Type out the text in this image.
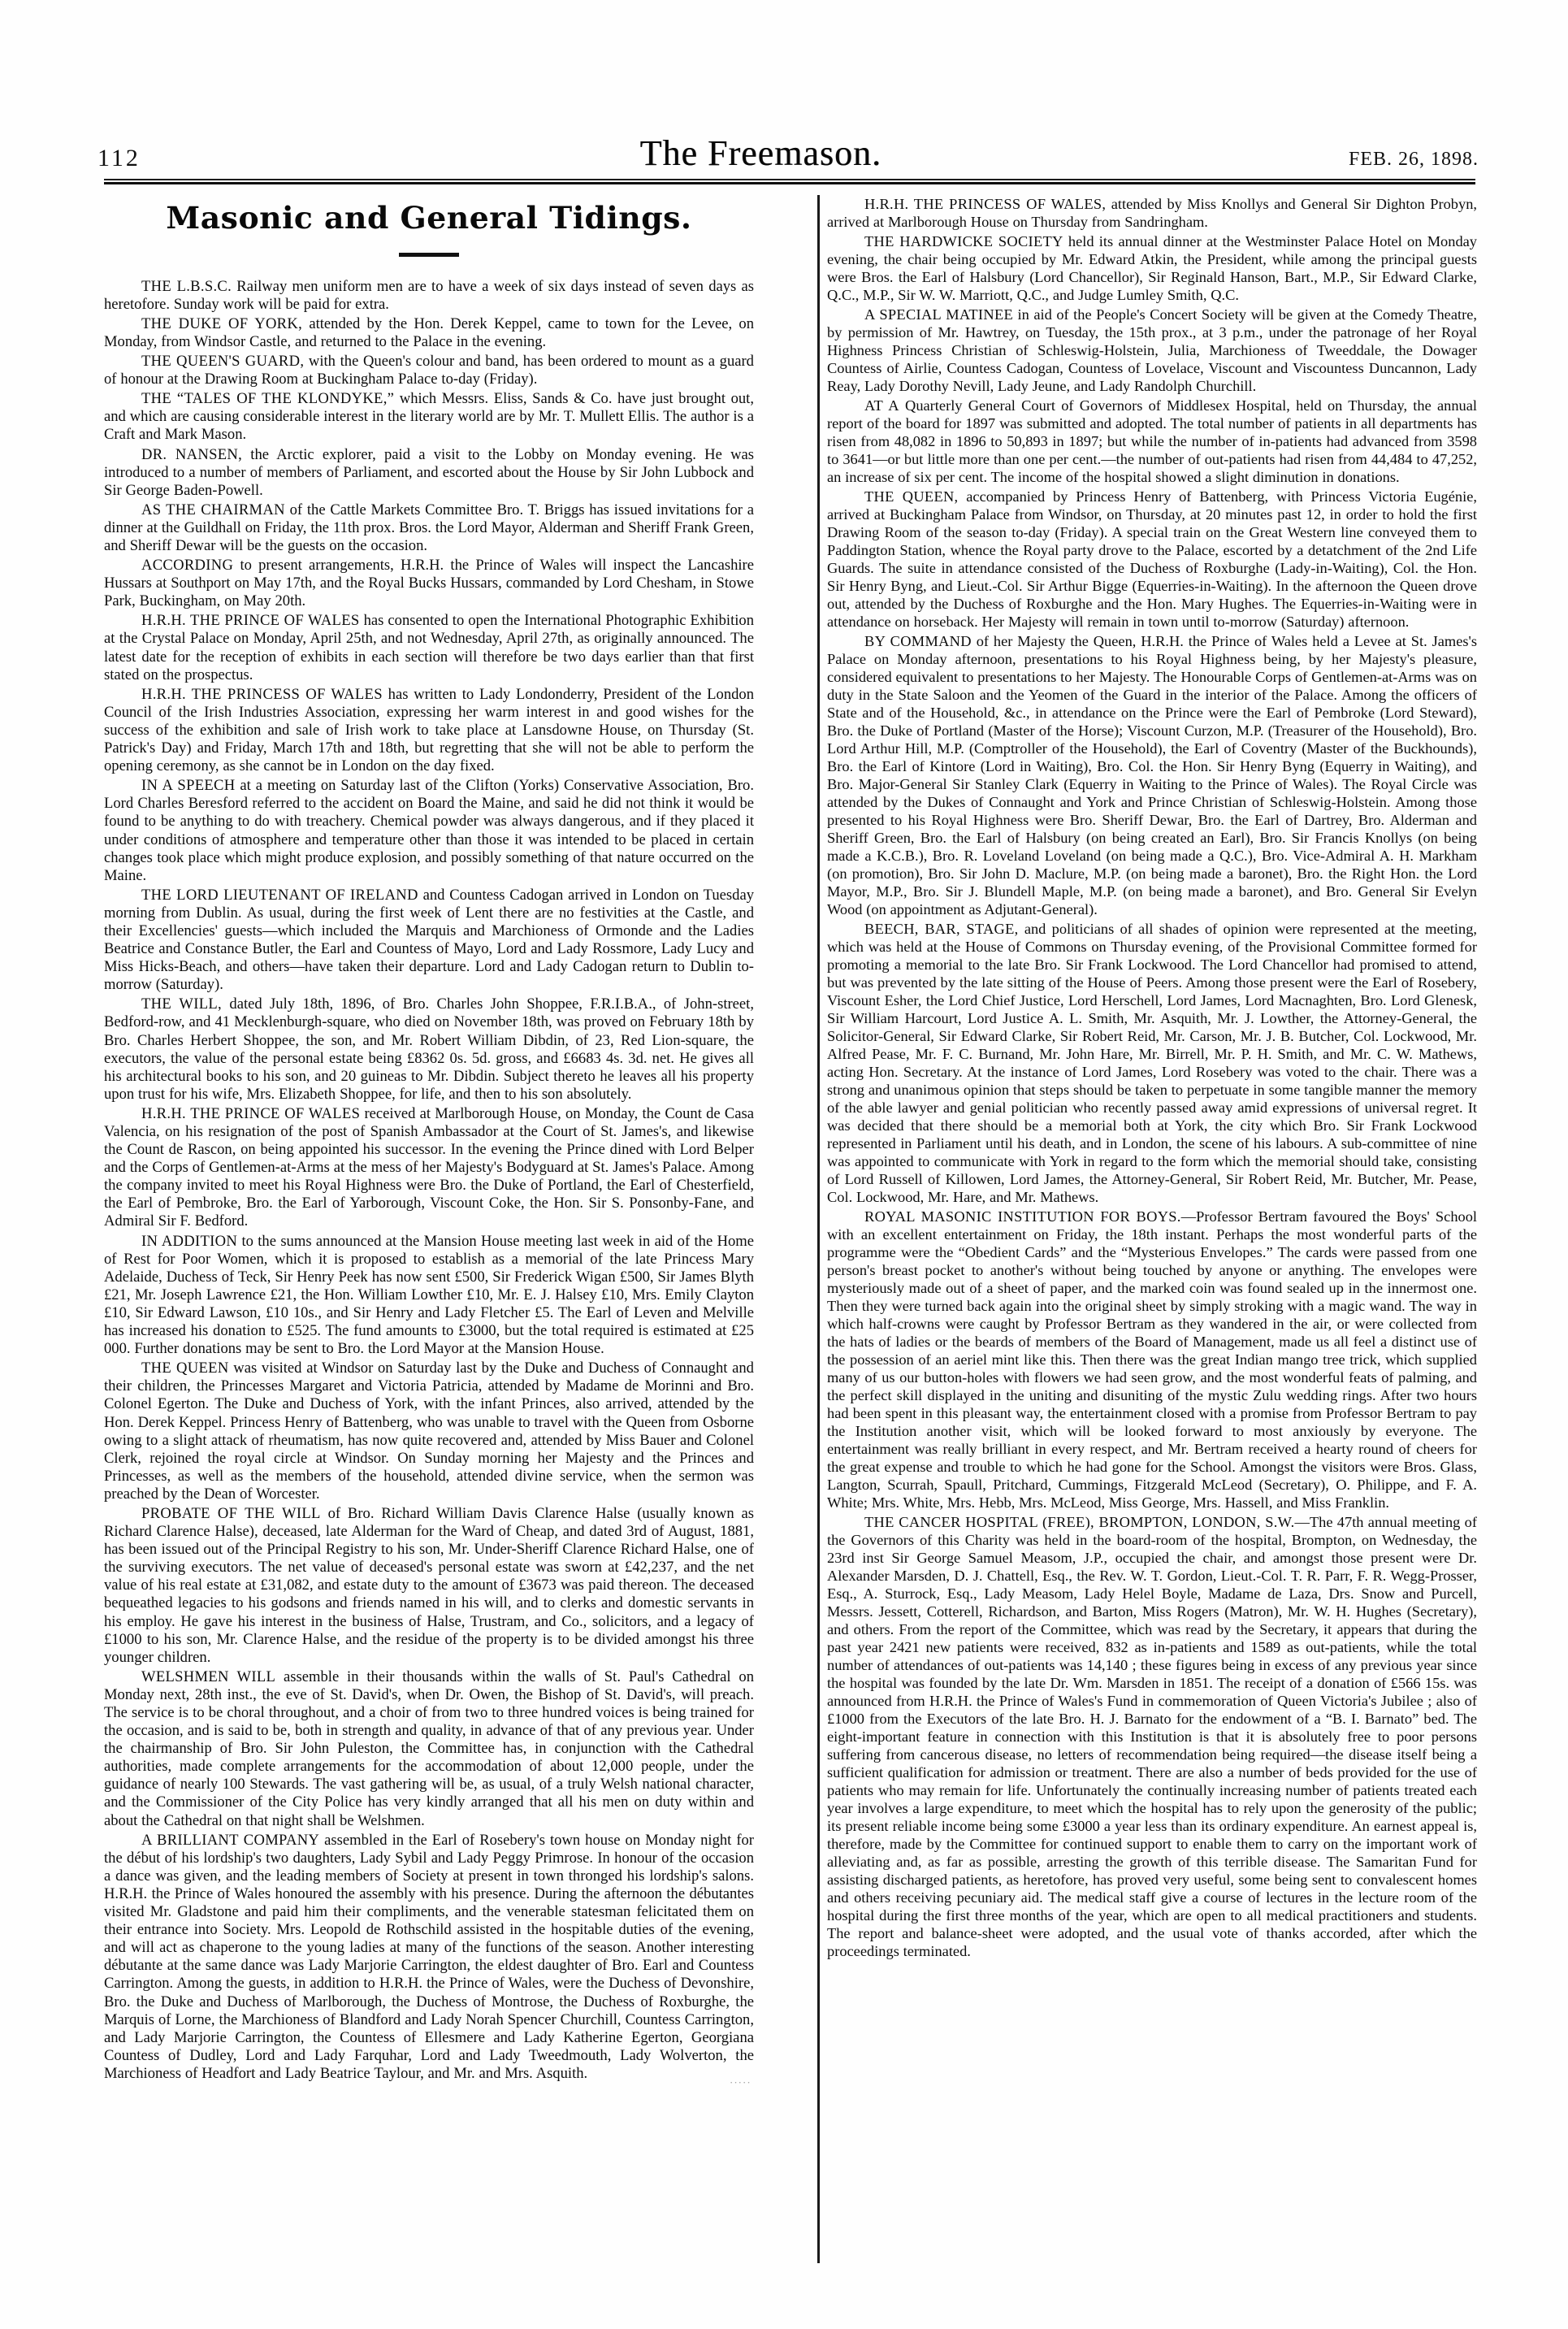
112	The Freemason.	FEB. 26, 1898.
Masonic and General Tidings.

THE L.B.S.C. Railway men uniform men are to have a week of six days instead of seven days as heretofore. Sunday work will be paid for extra.

THE DUKE OF YORK, attended by the Hon. Derek Keppel, came to town for the Levee, on Monday, from Windsor Castle, and returned to the Palace in the evening.

THE QUEEN'S GUARD, with the Queen's colour and band, has been ordered to mount as a guard of honour at the Drawing Room at Buckingham Palace to-day (Friday).

THE “TALES OF THE KLONDYKE,” which Messrs. Eliss, Sands & Co. have just brought out, and which are causing considerable interest in the literary world are by Mr. T. Mullett Ellis. The author is a Craft and Mark Mason.

DR. NANSEN, the Arctic explorer, paid a visit to the Lobby on Monday evening. He was introduced to a number of members of Parliament, and escorted about the House by Sir John Lubbock and Sir George Baden-Powell.

AS THE CHAIRMAN of the Cattle Markets Committee Bro. T. Briggs has issued invitations for a dinner at the Guildhall on Friday, the 11th prox. Bros. the Lord Mayor, Alderman and Sheriff Frank Green, and Sheriff Dewar will be the guests on the occasion.

ACCORDING to present arrangements, H.R.H. the Prince of Wales will inspect the Lancashire Hussars at Southport on May 17th, and the Royal Bucks Hussars, commanded by Lord Chesham, in Stowe Park, Buckingham, on May 20th.

H.R.H. THE PRINCE OF WALES has consented to open the International Photographic Exhibition at the Crystal Palace on Monday, April 25th, and not Wednesday, April 27th, as originally announced. The latest date for the reception of exhibits in each section will therefore be two days earlier than that first stated on the prospectus.

H.R.H. THE PRINCESS OF WALES has written to Lady Londonderry, President of the London Council of the Irish Industries Association, expressing her warm interest in and good wishes for the success of the exhibition and sale of Irish work to take place at Lansdowne House, on Thursday (St. Patrick's Day) and Friday, March 17th and 18th, but regretting that she will not be able to perform the opening ceremony, as she cannot be in London on the day fixed.

IN A SPEECH at a meeting on Saturday last of the Clifton (Yorks) Conservative Association, Bro. Lord Charles Beresford referred to the accident on Board the Maine, and said he did not think it would be found to be anything to do with treachery. Chemical powder was always dangerous, and if they placed it under conditions of atmosphere and temperature other than those it was intended to be placed in certain changes took place which might produce explosion, and possibly something of that nature occurred on the Maine.

THE LORD LIEUTENANT OF IRELAND and Countess Cadogan arrived in London on Tuesday morning from Dublin. As usual, during the first week of Lent there are no festivities at the Castle, and their Excellencies' guests—which included the Marquis and Marchioness of Ormonde and the Ladies Beatrice and Constance Butler, the Earl and Countess of Mayo, Lord and Lady Rossmore, Lady Lucy and Miss Hicks-Beach, and others—have taken their departure. Lord and Lady Cadogan return to Dublin to-morrow (Saturday).

THE WILL, dated July 18th, 1896, of Bro. Charles John Shoppee, F.R.I.B.A., of John-street, Bedford-row, and 41 Mecklenburgh-square, who died on November 18th, was proved on February 18th by Bro. Charles Herbert Shoppee, the son, and Mr. Robert William Dibdin, of 23, Red Lion-square, the executors, the value of the personal estate being £8362 0s. 5d. gross, and £6683 4s. 3d. net. He gives all his architectural books to his son, and 20 guineas to Mr. Dibdin. Subject thereto he leaves all his property upon trust for his wife, Mrs. Elizabeth Shoppee, for life, and then to his son absolutely.

H.R.H. THE PRINCE OF WALES received at Marlborough House, on Monday, the Count de Casa Valencia, on his resignation of the post of Spanish Ambassador at the Court of St. James's, and likewise the Count de Rascon, on being appointed his successor. In the evening the Prince dined with Lord Belper and the Corps of Gentlemen-at-Arms at the mess of her Majesty's Bodyguard at St. James's Palace. Among the company invited to meet his Royal Highness were Bro. the Duke of Portland, the Earl of Chesterfield, the Earl of Pembroke, Bro. the Earl of Yarborough, Viscount Coke, the Hon. Sir S. Ponsonby-Fane, and Admiral Sir F. Bedford.

IN ADDITION to the sums announced at the Mansion House meeting last week in aid of the Home of Rest for Poor Women, which it is proposed to establish as a memorial of the late Princess Mary Adelaide, Duchess of Teck, Sir Henry Peek has now sent £500, Sir Frederick Wigan £500, Sir James Blyth £21, Mr. Joseph Lawrence £21, the Hon. William Lowther £10, Mr. E. J. Halsey £10, Mrs. Emily Clayton £10, Sir Edward Lawson, £10 10s., and Sir Henry and Lady Fletcher £5. The Earl of Leven and Melville has increased his donation to £525. The fund amounts to £3000, but the total required is estimated at £25 000. Further donations may be sent to Bro. the Lord Mayor at the Mansion House.

THE QUEEN was visited at Windsor on Saturday last by the Duke and Duchess of Connaught and their children, the Princesses Margaret and Victoria Patricia, attended by Madame de Morinni and Bro. Colonel Egerton. The Duke and Duchess of York, with the infant Princes, also arrived, attended by the Hon. Derek Keppel. Princess Henry of Battenberg, who was unable to travel with the Queen from Osborne owing to a slight attack of rheumatism, has now quite recovered and, attended by Miss Bauer and Colonel Clerk, rejoined the royal circle at Windsor. On Sunday morning her Majesty and the Princes and Princesses, as well as the members of the household, attended divine service, when the sermon was preached by the Dean of Worcester.

PROBATE OF THE WILL of Bro. Richard William Davis Clarence Halse (usually known as Richard Clarence Halse), deceased, late Alderman for the Ward of Cheap, and dated 3rd of August, 1881, has been issued out of the Principal Registry to his son, Mr. Under-Sheriff Clarence Richard Halse, one of the surviving executors. The net value of deceased's personal estate was sworn at £42,237, and the net value of his real estate at £31,082, and estate duty to the amount of £3673 was paid thereon. The deceased bequeathed legacies to his godsons and friends named in his will, and to clerks and domestic servants in his employ. He gave his interest in the business of Halse, Trustram, and Co., solicitors, and a legacy of £1000 to his son, Mr. Clarence Halse, and the residue of the property is to be divided amongst his three younger children.

WELSHMEN WILL assemble in their thousands within the walls of St. Paul's Cathedral on Monday next, 28th inst., the eve of St. David's, when Dr. Owen, the Bishop of St. David's, will preach. The service is to be choral throughout, and a choir of from two to three hundred voices is being trained for the occasion, and is said to be, both in strength and quality, in advance of that of any previous year. Under the chairmanship of Bro. Sir John Puleston, the Committee has, in conjunction with the Cathedral authorities, made complete arrangements for the accommodation of about 12,000 people, under the guidance of nearly 100 Stewards. The vast gathering will be, as usual, of a truly Welsh national character, and the Commissioner of the City Police has very kindly arranged that all his men on duty within and about the Cathedral on that night shall be Welshmen.

A BRILLIANT COMPANY assembled in the Earl of Rosebery's town house on Monday night for the début of his lordship's two daughters, Lady Sybil and Lady Peggy Primrose. In honour of the occasion a dance was given, and the leading members of Society at present in town thronged his lordship's salons. H.R.H. the Prince of Wales honoured the assembly with his presence. During the afternoon the débutantes visited Mr. Gladstone and paid him their compliments, and the venerable statesman felicitated them on their entrance into Society. Mrs. Leopold de Rothschild assisted in the hospitable duties of the evening, and will act as chaperone to the young ladies at many of the functions of the season. Another interesting débutante at the same dance was Lady Marjorie Carrington, the eldest daughter of Bro. Earl and Countess Carrington. Among the guests, in addition to H.R.H. the Prince of Wales, were the Duchess of Devonshire, Bro. the Duke and Duchess of Marlborough, the Duchess of Montrose, the Duchess of Roxburghe, the Marquis of Lorne, the Marchioness of Blandford and Lady Norah Spencer Churchill, Countess Carrington, and Lady Marjorie Carrington, the Countess of Ellesmere and Lady Katherine Egerton, Georgiana Countess of Dudley, Lord and Lady Farquhar, Lord and Lady Tweedmouth, Lady Wolverton, the Marchioness of Headfort and Lady Beatrice Taylour, and Mr. and Mrs. Asquith.

·····

H.R.H. THE PRINCESS OF WALES, attended by Miss Knollys and General Sir Dighton Probyn, arrived at Marlborough House on Thursday from Sandringham.

THE HARDWICKE SOCIETY held its annual dinner at the Westminster Palace Hotel on Monday evening, the chair being occupied by Mr. Edward Atkin, the President, while among the principal guests were Bros. the Earl of Halsbury (Lord Chancellor), Sir Reginald Hanson, Bart., M.P., Sir Edward Clarke, Q.C., M.P., Sir W. W. Marriott, Q.C., and Judge Lumley Smith, Q.C.

A SPECIAL MATINEE in aid of the People's Concert Society will be given at the Comedy Theatre, by permission of Mr. Hawtrey, on Tuesday, the 15th prox., at 3 p.m., under the patronage of her Royal Highness Princess Christian of Schleswig-Holstein, Julia, Marchioness of Tweeddale, the Dowager Countess of Airlie, Countess Cadogan, Countess of Lovelace, Viscount and Viscountess Duncannon, Lady Reay, Lady Dorothy Nevill, Lady Jeune, and Lady Randolph Churchill.

AT A Quarterly General Court of Governors of Middlesex Hospital, held on Thursday, the annual report of the board for 1897 was submitted and adopted. The total number of patients in all departments has risen from 48,082 in 1896 to 50,893 in 1897; but while the number of in-patients had advanced from 3598 to 3641—or but little more than one per cent.—the number of out-patients had risen from 44,484 to 47,252, an increase of six per cent. The income of the hospital showed a slight diminution in donations.

THE QUEEN, accompanied by Princess Henry of Battenberg, with Princess Victoria Eugénie, arrived at Buckingham Palace from Windsor, on Thursday, at 20 minutes past 12, in order to hold the first Drawing Room of the season to-day (Friday). A special train on the Great Western line conveyed them to Paddington Station, whence the Royal party drove to the Palace, escorted by a detatchment of the 2nd Life Guards. The suite in attendance consisted of the Duchess of Roxburghe (Lady-in-Waiting), Col. the Hon. Sir Henry Byng, and Lieut.-Col. Sir Arthur Bigge (Equerries-in-Waiting). In the afternoon the Queen drove out, attended by the Duchess of Roxburghe and the Hon. Mary Hughes. The Equerries-in-Waiting were in attendance on horseback. Her Majesty will remain in town until to-morrow (Saturday) afternoon.

BY COMMAND of her Majesty the Queen, H.R.H. the Prince of Wales held a Levee at St. James's Palace on Monday afternoon, presentations to his Royal Highness being, by her Majesty's pleasure, considered equivalent to presentations to her Majesty. The Honourable Corps of Gentlemen-at-Arms was on duty in the State Saloon and the Yeomen of the Guard in the interior of the Palace. Among the officers of State and of the Household, &c., in attendance on the Prince were the Earl of Pembroke (Lord Steward), Bro. the Duke of Portland (Master of the Horse); Viscount Curzon, M.P. (Treasurer of the Household), Bro. Lord Arthur Hill, M.P. (Comptroller of the Household), the Earl of Coventry (Master of the Buckhounds), Bro. the Earl of Kintore (Lord in Waiting), Bro. Col. the Hon. Sir Henry Byng (Equerry in Waiting), and Bro. Major-General Sir Stanley Clark (Equerry in Waiting to the Prince of Wales). The Royal Circle was attended by the Dukes of Connaught and York and Prince Christian of Schleswig-Holstein. Among those presented to his Royal Highness were Bro. Sheriff Dewar, Bro. the Earl of Dartrey, Bro. Alderman and Sheriff Green, Bro. the Earl of Halsbury (on being created an Earl), Bro. Sir Francis Knollys (on being made a K.C.B.), Bro. R. Loveland Loveland (on being made a Q.C.), Bro. Vice-Admiral A. H. Markham (on promotion), Bro. Sir John D. Maclure, M.P. (on being made a baronet), Bro. the Right Hon. the Lord Mayor, M.P., Bro. Sir J. Blundell Maple, M.P. (on being made a baronet), and Bro. General Sir Evelyn Wood (on appointment as Adjutant-General).

BEECH, BAR, STAGE, and politicians of all shades of opinion were represented at the meeting, which was held at the House of Commons on Thursday evening, of the Provisional Committee formed for promoting a memorial to the late Bro. Sir Frank Lockwood. The Lord Chancellor had promised to attend, but was prevented by the late sitting of the House of Peers. Among those present were the Earl of Rosebery, Viscount Esher, the Lord Chief Justice, Lord Herschell, Lord James, Lord Macnaghten, Bro. Lord Glenesk, Sir William Harcourt, Lord Justice A. L. Smith, Mr. Asquith, Mr. J. Lowther, the Attorney-General, the Solicitor-General, Sir Edward Clarke, Sir Robert Reid, Mr. Carson, Mr. J. B. Butcher, Col. Lockwood, Mr. Alfred Pease, Mr. F. C. Burnand, Mr. John Hare, Mr. Birrell, Mr. P. H. Smith, and Mr. C. W. Mathews, acting Hon. Secretary. At the instance of Lord James, Lord Rosebery was voted to the chair. There was a strong and unanimous opinion that steps should be taken to perpetuate in some tangible manner the memory of the able lawyer and genial politician who recently passed away amid expressions of universal regret. It was decided that there should be a memorial both at York, the city which Bro. Sir Frank Lockwood represented in Parliament until his death, and in London, the scene of his labours. A sub-committee of nine was appointed to communicate with York in regard to the form which the memorial should take, consisting of Lord Russell of Killowen, Lord James, the Attorney-General, Sir Robert Reid, Mr. Butcher, Mr. Pease, Col. Lockwood, Mr. Hare, and Mr. Mathews.

ROYAL MASONIC INSTITUTION FOR BOYS.—Professor Bertram favoured the Boys' School with an excellent entertainment on Friday, the 18th instant. Perhaps the most wonderful parts of the programme were the “Obedient Cards” and the “Mysterious Envelopes.” The cards were passed from one person's breast pocket to another's without being touched by anyone or anything. The envelopes were mysteriously made out of a sheet of paper, and the marked coin was found sealed up in the innermost one. Then they were turned back again into the original sheet by simply stroking with a magic wand. The way in which half-crowns were caught by Professor Bertram as they wandered in the air, or were collected from the hats of ladies or the beards of members of the Board of Management, made us all feel a distinct use of the possession of an aeriel mint like this. Then there was the great Indian mango tree trick, which supplied many of us our button-holes with flowers we had seen grow, and the most wonderful feats of palming, and the perfect skill displayed in the uniting and disuniting of the mystic Zulu wedding rings. After two hours had been spent in this pleasant way, the entertainment closed with a promise from Professor Bertram to pay the Institution another visit, which will be looked forward to most anxiously by everyone. The entertainment was really brilliant in every respect, and Mr. Bertram received a hearty round of cheers for the great expense and trouble to which he had gone for the School. Amongst the visitors were Bros. Glass, Langton, Scurrah, Spaull, Pritchard, Cummings, Fitzgerald McLeod (Secretary), O. Philippe, and F. A. White; Mrs. White, Mrs. Hebb, Mrs. McLeod, Miss George, Mrs. Hassell, and Miss Franklin.

THE CANCER HOSPITAL (FREE), BROMPTON, LONDON, S.W.—The 47th annual meeting of the Governors of this Charity was held in the board-room of the hospital, Brompton, on Wednesday, the 23rd inst Sir George Samuel Measom, J.P., occupied the chair, and amongst those present were Dr. Alexander Marsden, D. J. Chattell, Esq., the Rev. W. T. Gordon, Lieut.-Col. T. R. Parr, F. R. Wegg-Prosser, Esq., A. Sturrock, Esq., Lady Measom, Lady Helel Boyle, Madame de Laza, Drs. Snow and Purcell, Messrs. Jessett, Cotterell, Richardson, and Barton, Miss Rogers (Matron), Mr. W. H. Hughes (Secretary), and others. From the report of the Committee, which was read by the Secretary, it appears that during the past year 2421 new patients were received, 832 as in-patients and 1589 as out-patients, while the total number of attendances of out-patients was 14,140 ; these figures being in excess of any previous year since the hospital was founded by the late Dr. Wm. Marsden in 1851. The receipt of a donation of £566 15s. was announced from H.R.H. the Prince of Wales's Fund in commemoration of Queen Victoria's Jubilee ; also of £1000 from the Executors of the late Bro. H. J. Barnato for the endowment of a “B. I. Barnato” bed. The eight-important feature in connection with this Institution is that it is absolutely free to poor persons suffering from cancerous disease, no letters of recommendation being required—the disease itself being a sufficient qualification for admission or treatment. There are also a number of beds provided for the use of patients who may remain for life. Unfortunately the continually increasing number of patients treated each year involves a large expenditure, to meet which the hospital has to rely upon the generosity of the public; its present reliable income being some £3000 a year less than its ordinary expenditure. An earnest appeal is, therefore, made by the Committee for continued support to enable them to carry on the important work of alleviating and, as far as possible, arresting the growth of this terrible disease. The Samaritan Fund for assisting discharged patients, as heretofore, has proved very useful, some being sent to convalescent homes and others receiving pecuniary aid. The medical staff give a course of lectures in the lecture room of the hospital during the first three months of the year, which are open to all medical practitioners and students. The report and balance-sheet were adopted, and the usual vote of thanks accorded, after which the proceedings terminated.
